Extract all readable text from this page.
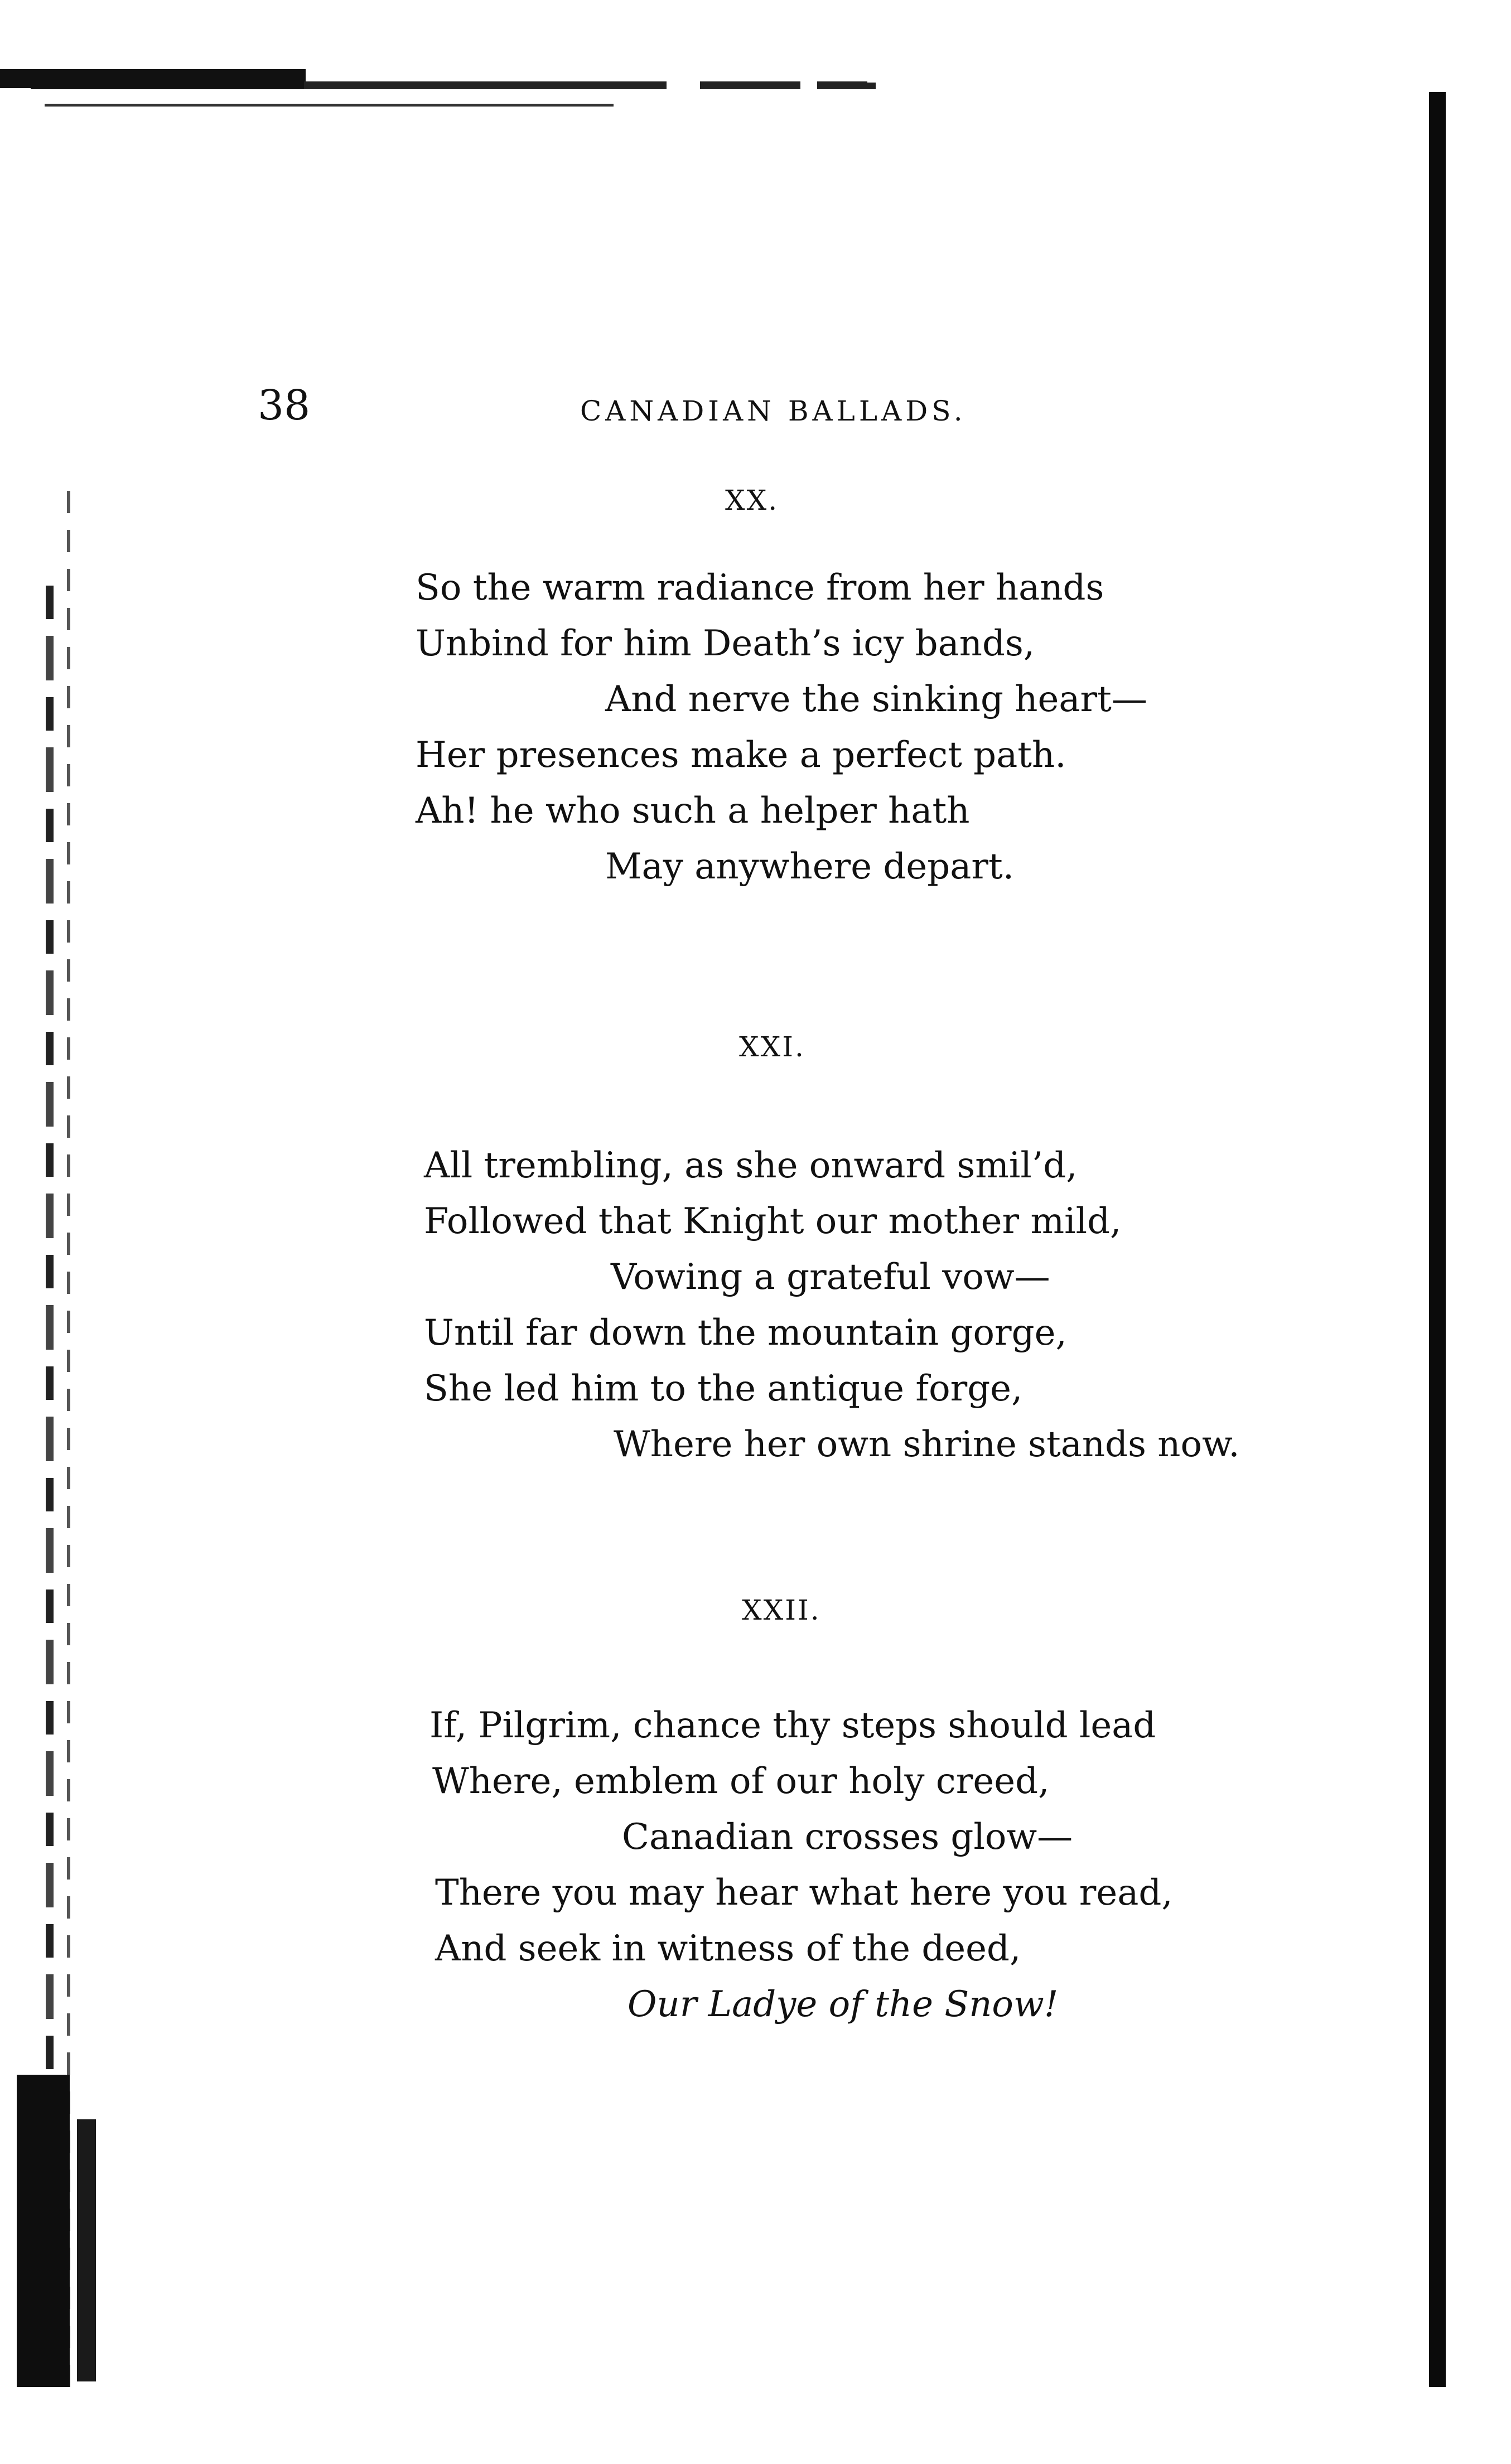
38	CANADIAN BALLADS.
XX.
So the warm radiance from her hands
Unbind for him Death’s icy bands,
And nerve the sinking heart—
Her presences make a perfect path.
Ah! he who such a helper hath
May anywhere depart.
XXI.
All trembling, as she onward smil’d,
Followed that Knight our mother mild,
Vowing a grateful vow—
Until far down the mountain gorge,
She led him to the antique forge,
Where her own shrine stands now.
XXII.
If, Pilgrim, chance thy steps should lead
Where, emblem of our holy creed,
Canadian crosses glow—
There you may hear what here you read,
And seek in witness of the deed,
Our Ladye of the Snow!
